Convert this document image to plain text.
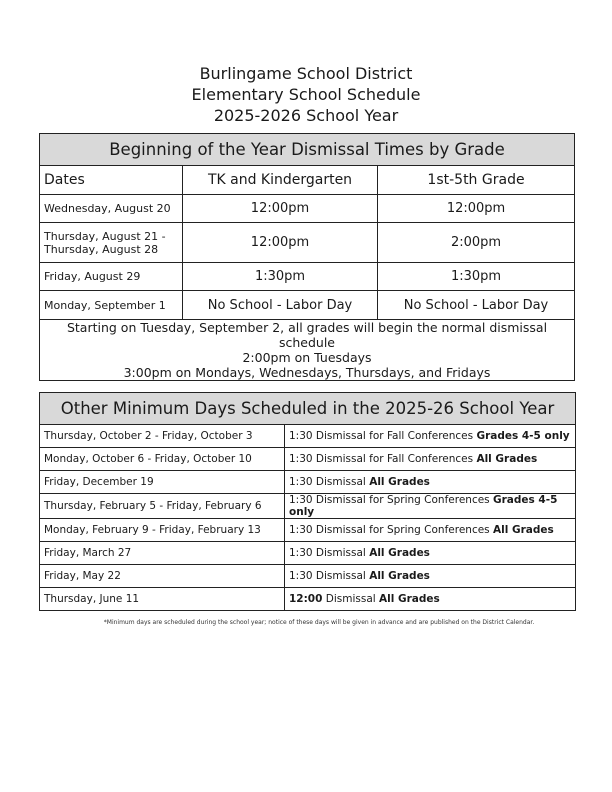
Burlingame School District
Elementary School Schedule
2025-2026 School Year
Beginning of the Year Dismissal Times by Grade		
Dates	TK and Kindergarten	1st-5th Grade
Wednesday, August 20	12:00pm	12:00pm
Thursday, August 21 - Thursday, August 28	12:00pm	2:00pm
Friday, August 29	1:30pm	1:30pm
Monday, September 1	No School - Labor Day	No School - Labor Day

Starting on Tuesday, September 2, all grades will begin the normal dismissal schedule
2:00pm on Tuesdays
3:00pm on Mondays, Wednesdays, Thursdays, and Fridays		
Other Minimum Days Scheduled in the 2025-26 School Year	
Thursday, October 2 - Friday, October 3	1:30 Dismissal for Fall Conferences Grades 4-5 only
Monday, October 6 - Friday, October 10	1:30 Dismissal for Fall Conferences All Grades
Friday, December 19	1:30 Dismissal All Grades
Thursday, February 5 - Friday, February 6	1:30 Dismissal for Spring Conferences Grades 4-5 only
Monday, February 9 - Friday, February 13	1:30 Dismissal for Spring Conferences All Grades
Friday, March 27	1:30 Dismissal All Grades
Friday, May 22	1:30 Dismissal All Grades
Thursday, June 11	12:00 Dismissal All Grades
*Minimum days are scheduled during the school year; notice of these days will be given in advance and are published on the District Calendar.
